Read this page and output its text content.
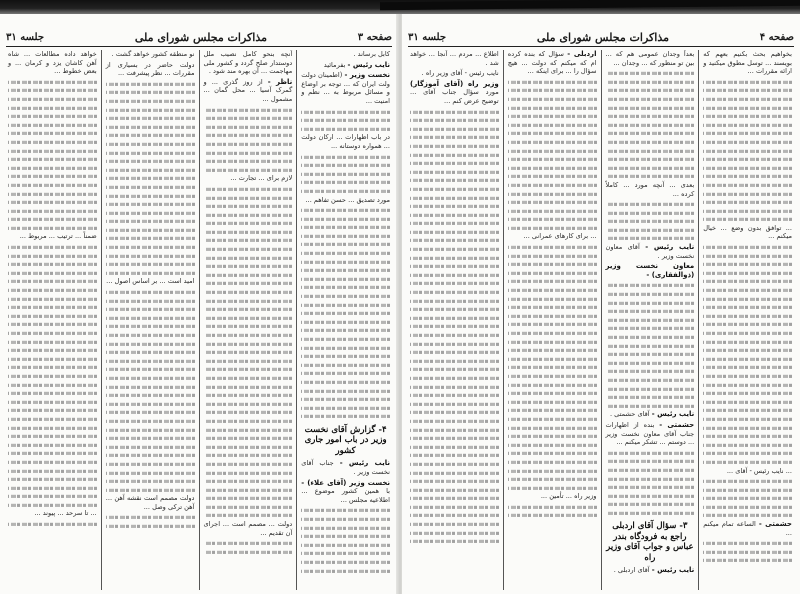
صفحه ۳
مذاکرات مجلس شورای ملی
جلسه ۳۱

کابل برساند .

نایب رئیس - بفرمائید

نخست وزیر - (اطمینان دولت ولت ایران که ... توجه بر اوضاع و مسائل مربوط به ... نظم و امنیت ...

در باب اظهارات ... ارکان دولت ... همواره دوستانه ...

مورد تصدیق ... حسن تفاهم ...

۴- گزارش آقای نخست وزیر در باب امور جاری کشور

نایب رئیس - جناب آقای نخست وزیر .

نخست وزیر (آقای علاء) - با همین کشور موضوع ... اطلاعیه مجلس ...

آنچه بنحو کامل نصیب ملل دوستدار صلح گردد و کشور ملی مهاجمت ... آن بهره مند شود .

ناظر - از روز گذری ... و گمرک آسیا ... محل گمان ... مشمول ...

لازم برای ... تجارت ...

دولت ... مصمم است ... اجرای آن تقدیم ...

نو منطقه کشور خواهد گشت .

دولت حاضر در بسیاری از مقررات ... نظر پیشرفت ...

امید است ... بر اساس اصول ...

دولت مصمم است نقشه آهن ... آهن ترکی وصل ...

خواهد داده مطالعات ... شاه آهن کاشان یزد و کرمان ... و بعض خطوط ...

ضمناً ... ترتیب ... مربوط ...

... تا سرحد ... پیوند ...

صفحه ۴
مذاکرات مجلس شورای ملی
جلسه ۳۱

بخواهیم بحث بکنیم بعهم که بویسند ... توسل مطوق میکنید و ارائه مقررات ...

... توافق بدون وضع ... خیال میکنم ...

... نایب رئیس - آقای ...

حشمتی - الساعه تمام میکنم ...

بعداً وجدان عمومی هم که ... بین تو منظور که ... وجدان ...

بعدی ... آنچه مورد ... کاملاً کرده ...

نایب رئیس - آقای معاون نخست وزیر .

معاون نخست وزیر (ذوالفقاری) -

نایب رئیس - آقای حشمتی .

حشمتی - بنده از اظهارات جناب آقای معاون نخست وزیر ... دوستم ... تشکر میکنم ...

۳- سؤال آقای اردبلی راجع به فرودگاه بندر عباس و جواب آقای وزیر راه

نایب رئیس - آقای اردبلی .

اردبلی - سؤال که بنده کرده ام که میکنم که دولت ... هیچ سؤال را ... برای اینکه ...

... برای کارهای عمرانی ...

وزیر راه ... تأمین ...

اطلاع ... مردم ... آنجا ... خواهد شد .

نایب رئیس - آقای وزیر راه .

وزیر راه (آقای آموزگار) مورد سؤال جناب آقای ... توضیح عرض کنم ...
